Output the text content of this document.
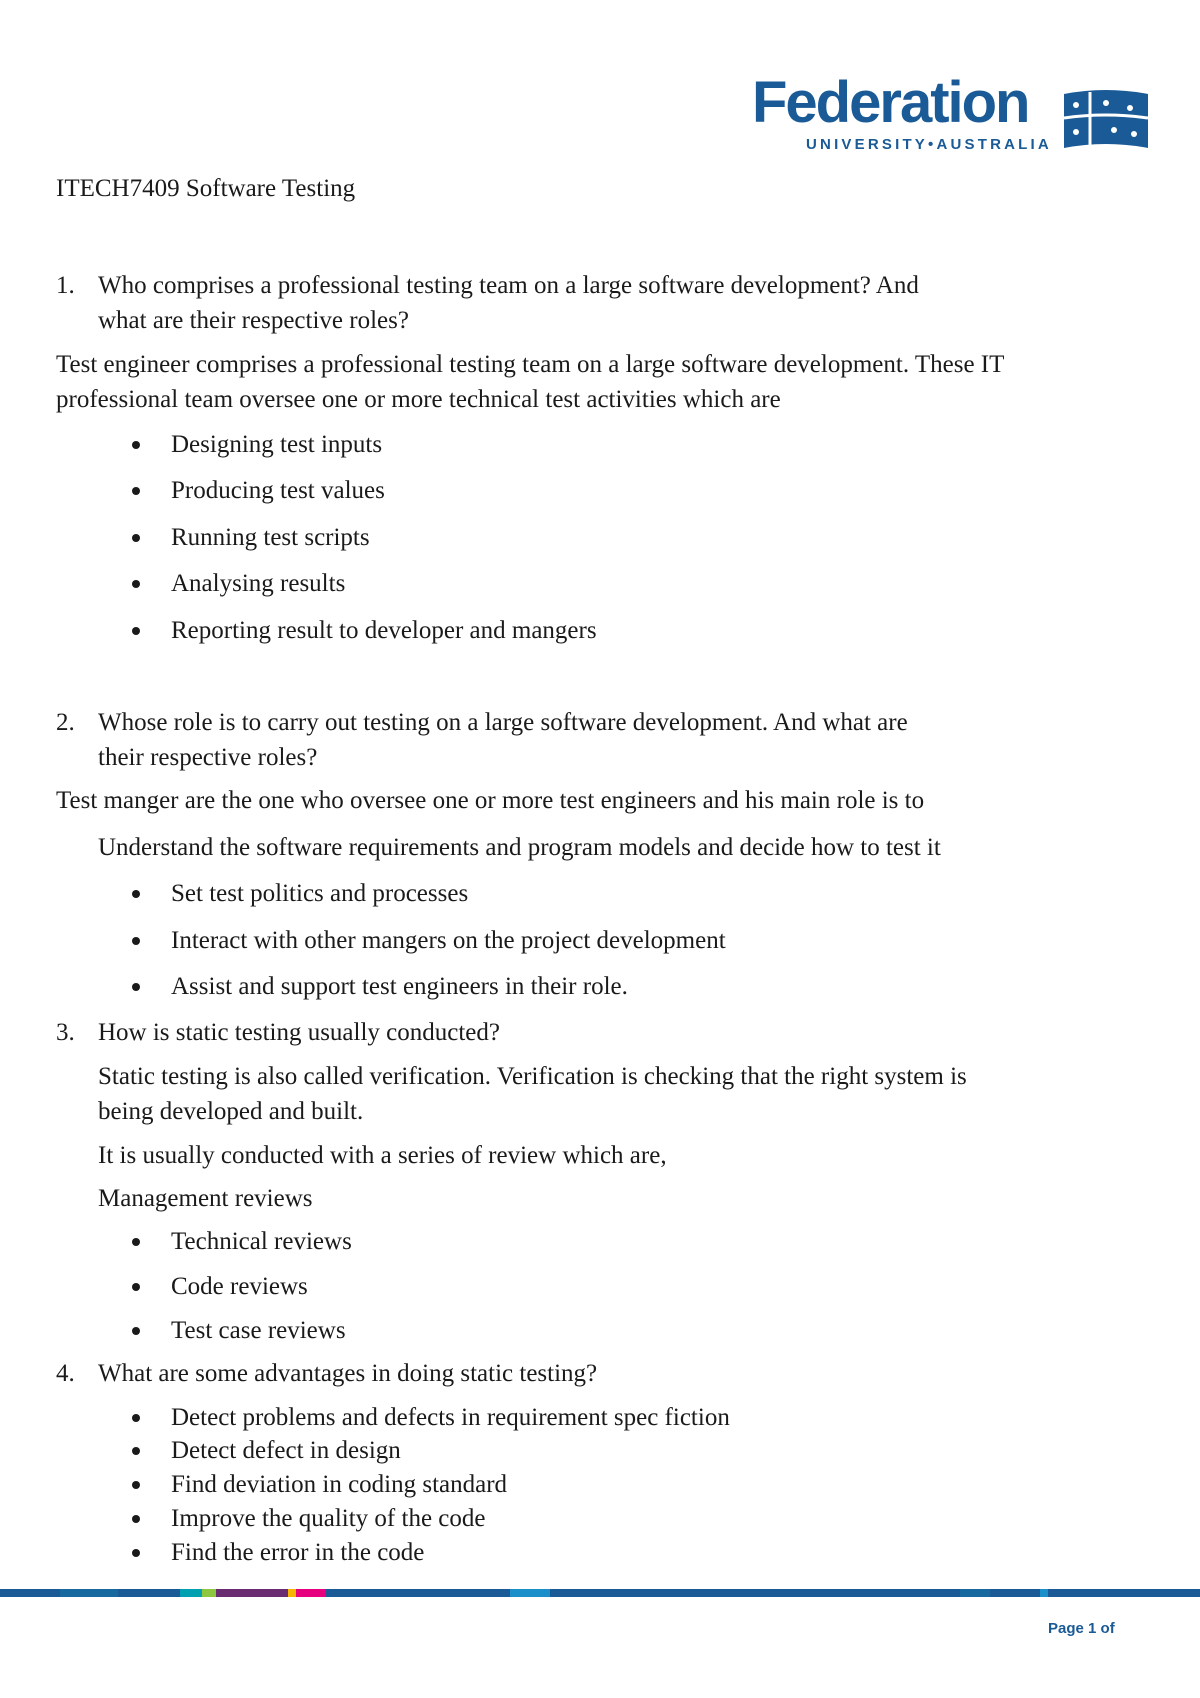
Federation
UNIVERSITY•AUSTRALIA
ITECH7409 Software Testing
1. Who comprises a professional testing team on a large software development? And
what are their respective roles?
Test engineer comprises a professional testing team on a large software development. These IT
professional team oversee one or more technical test activities which are
Designing test inputs
Producing test values
Running test scripts
Analysing results
Reporting result to developer and mangers
2. Whose role is to carry out testing on a large software development. And what are
their respective roles?
Test manger are the one who oversee one or more test engineers and his main role is to
Understand the software requirements and program models and decide how to test it
Set test politics and processes
Interact with other mangers on the project development
Assist and support test engineers in their role.
3. How is static testing usually conducted?
Static testing is also called verification. Verification is checking that the right system is
being developed and built.
It is usually conducted with a series of review which are,
Management reviews
Technical reviews
Code reviews
Test case reviews
4. What are some advantages in doing static testing?
Detect problems and defects in requirement spec fiction
Detect defect in design
Find deviation in coding standard
Improve the quality of the code
Find the error in the code
Page 1 of
